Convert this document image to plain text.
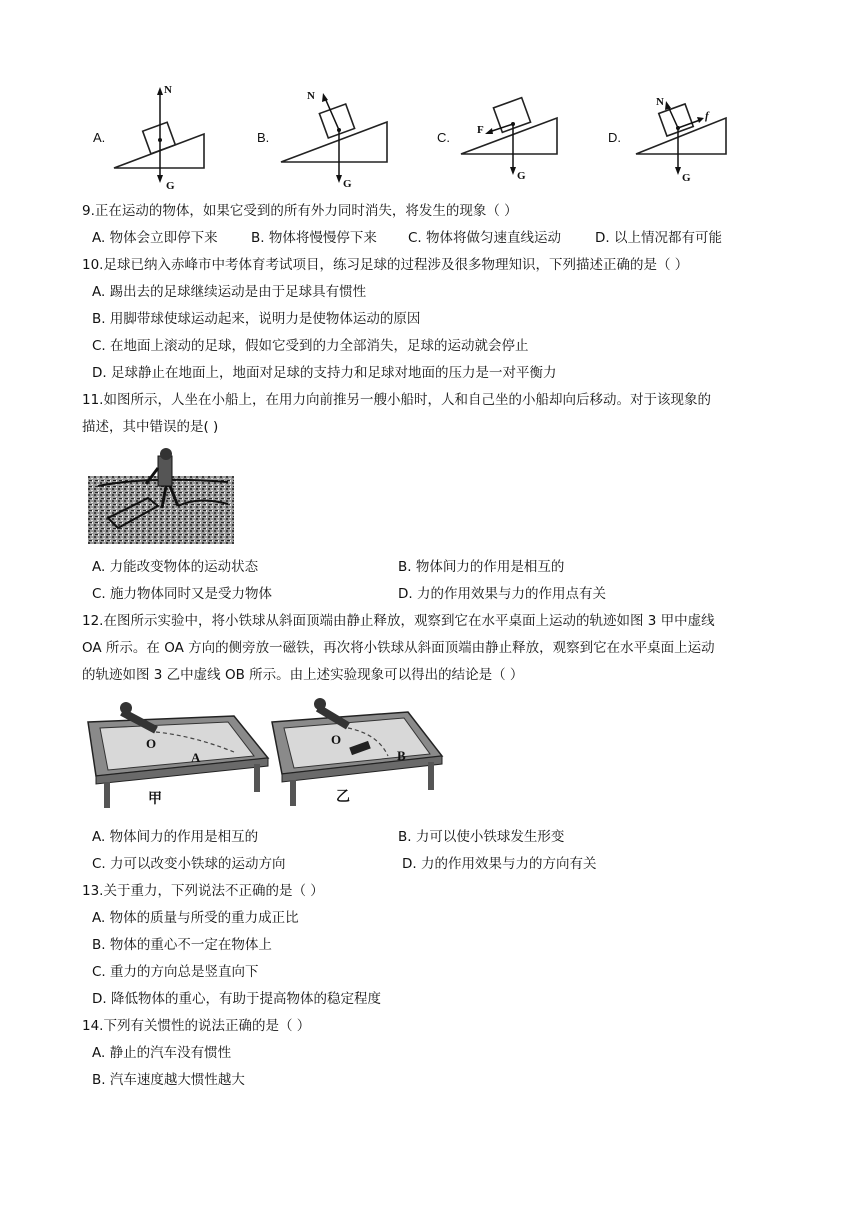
A.
N
G
B.
N
G
C. F
G
D.
N
f
G
9.正在运动的物体，如果它受到的所有外力同时消失，将发生的现象（ ）
A. 物体会立即停下来 B. 物体将慢慢停下来 C. 物体将做匀速直线运动	D. 以上情况都有可能
10.足球已纳入赤峰市中考体育考试项目，练习足球的过程涉及很多物理知识，下列描述正确的是（ ）
A. 踢出去的足球继续运动是由于足球具有惯性
B. 用脚带球使球运动起来，说明力是使物体运动的原因
C. 在地面上滚动的足球，假如它受到的力全部消失，足球的运动就会停止
D. 足球静止在地面上，地面对足球的支持力和足球对地面的压力是一对平衡力
11.如图所示，人坐在小船上，在用力向前推另一艘小船时，人和自己坐的小船却向后移动。对于该现象的
描述，其中错误的是( )
A. 力能改变物体的运动状态	B. 物体间力的作用是相互的
C. 施力物体同时又是受力物体	D. 力的作用效果与力的作用点有关
12.在图所示实验中，将小铁球从斜面顶端由静止释放，观察到它在水平桌面上运动的轨迹如图 3 甲中虚线
OA 所示。在 OA 方向的侧旁放一磁铁，再次将小铁球从斜面顶端由静止释放，观察到它在水平桌面上运动
的轨迹如图 3 乙中虚线 OB 所示。由上述实验现象可以得出的结论是（ ）
O
A
甲
O
B
乙
A. 物体间力的作用是相互的	B. 力可以使小铁球发生形变
C. 力可以改变小铁球的运动方向	D. 力的作用效果与力的方向有关
13.关于重力，下列说法不正确的是（ ）
A. 物体的质量与所受的重力成正比
B. 物体的重心不一定在物体上
C. 重力的方向总是竖直向下
D. 降低物体的重心，有助于提高物体的稳定程度
14.下列有关惯性的说法正确的是（ ）
A. 静止的汽车没有惯性
B. 汽车速度越大惯性越大
